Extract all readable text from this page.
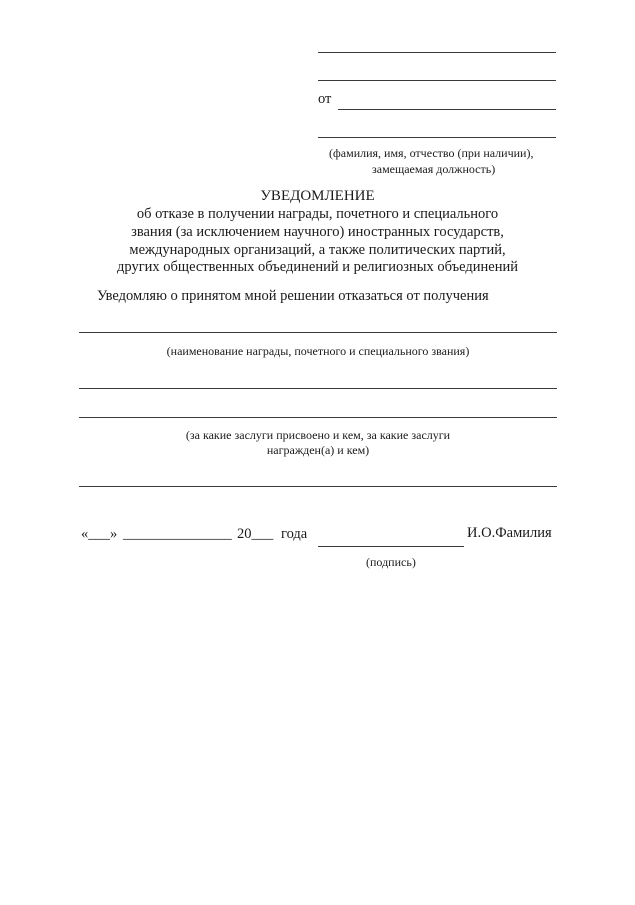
от
(фамилия, имя, отчество (при наличии),
замещаемая должность)
УВЕДОМЛЕНИЕ
об отказе в получении награды, почетного и специального
звания (за исключением научного) иностранных государств,
международных организаций, а также политических партий,
других общественных объединений и религиозных объединений
Уведомляю о принятом мной решении отказаться от получения
(наименование награды, почетного и специального звания)
(за какие заслуги присвоено и кем, за какие заслуги
награжден(а) и кем)
«___» _______________ 20___ года	И.О.Фамилия
(подпись)
